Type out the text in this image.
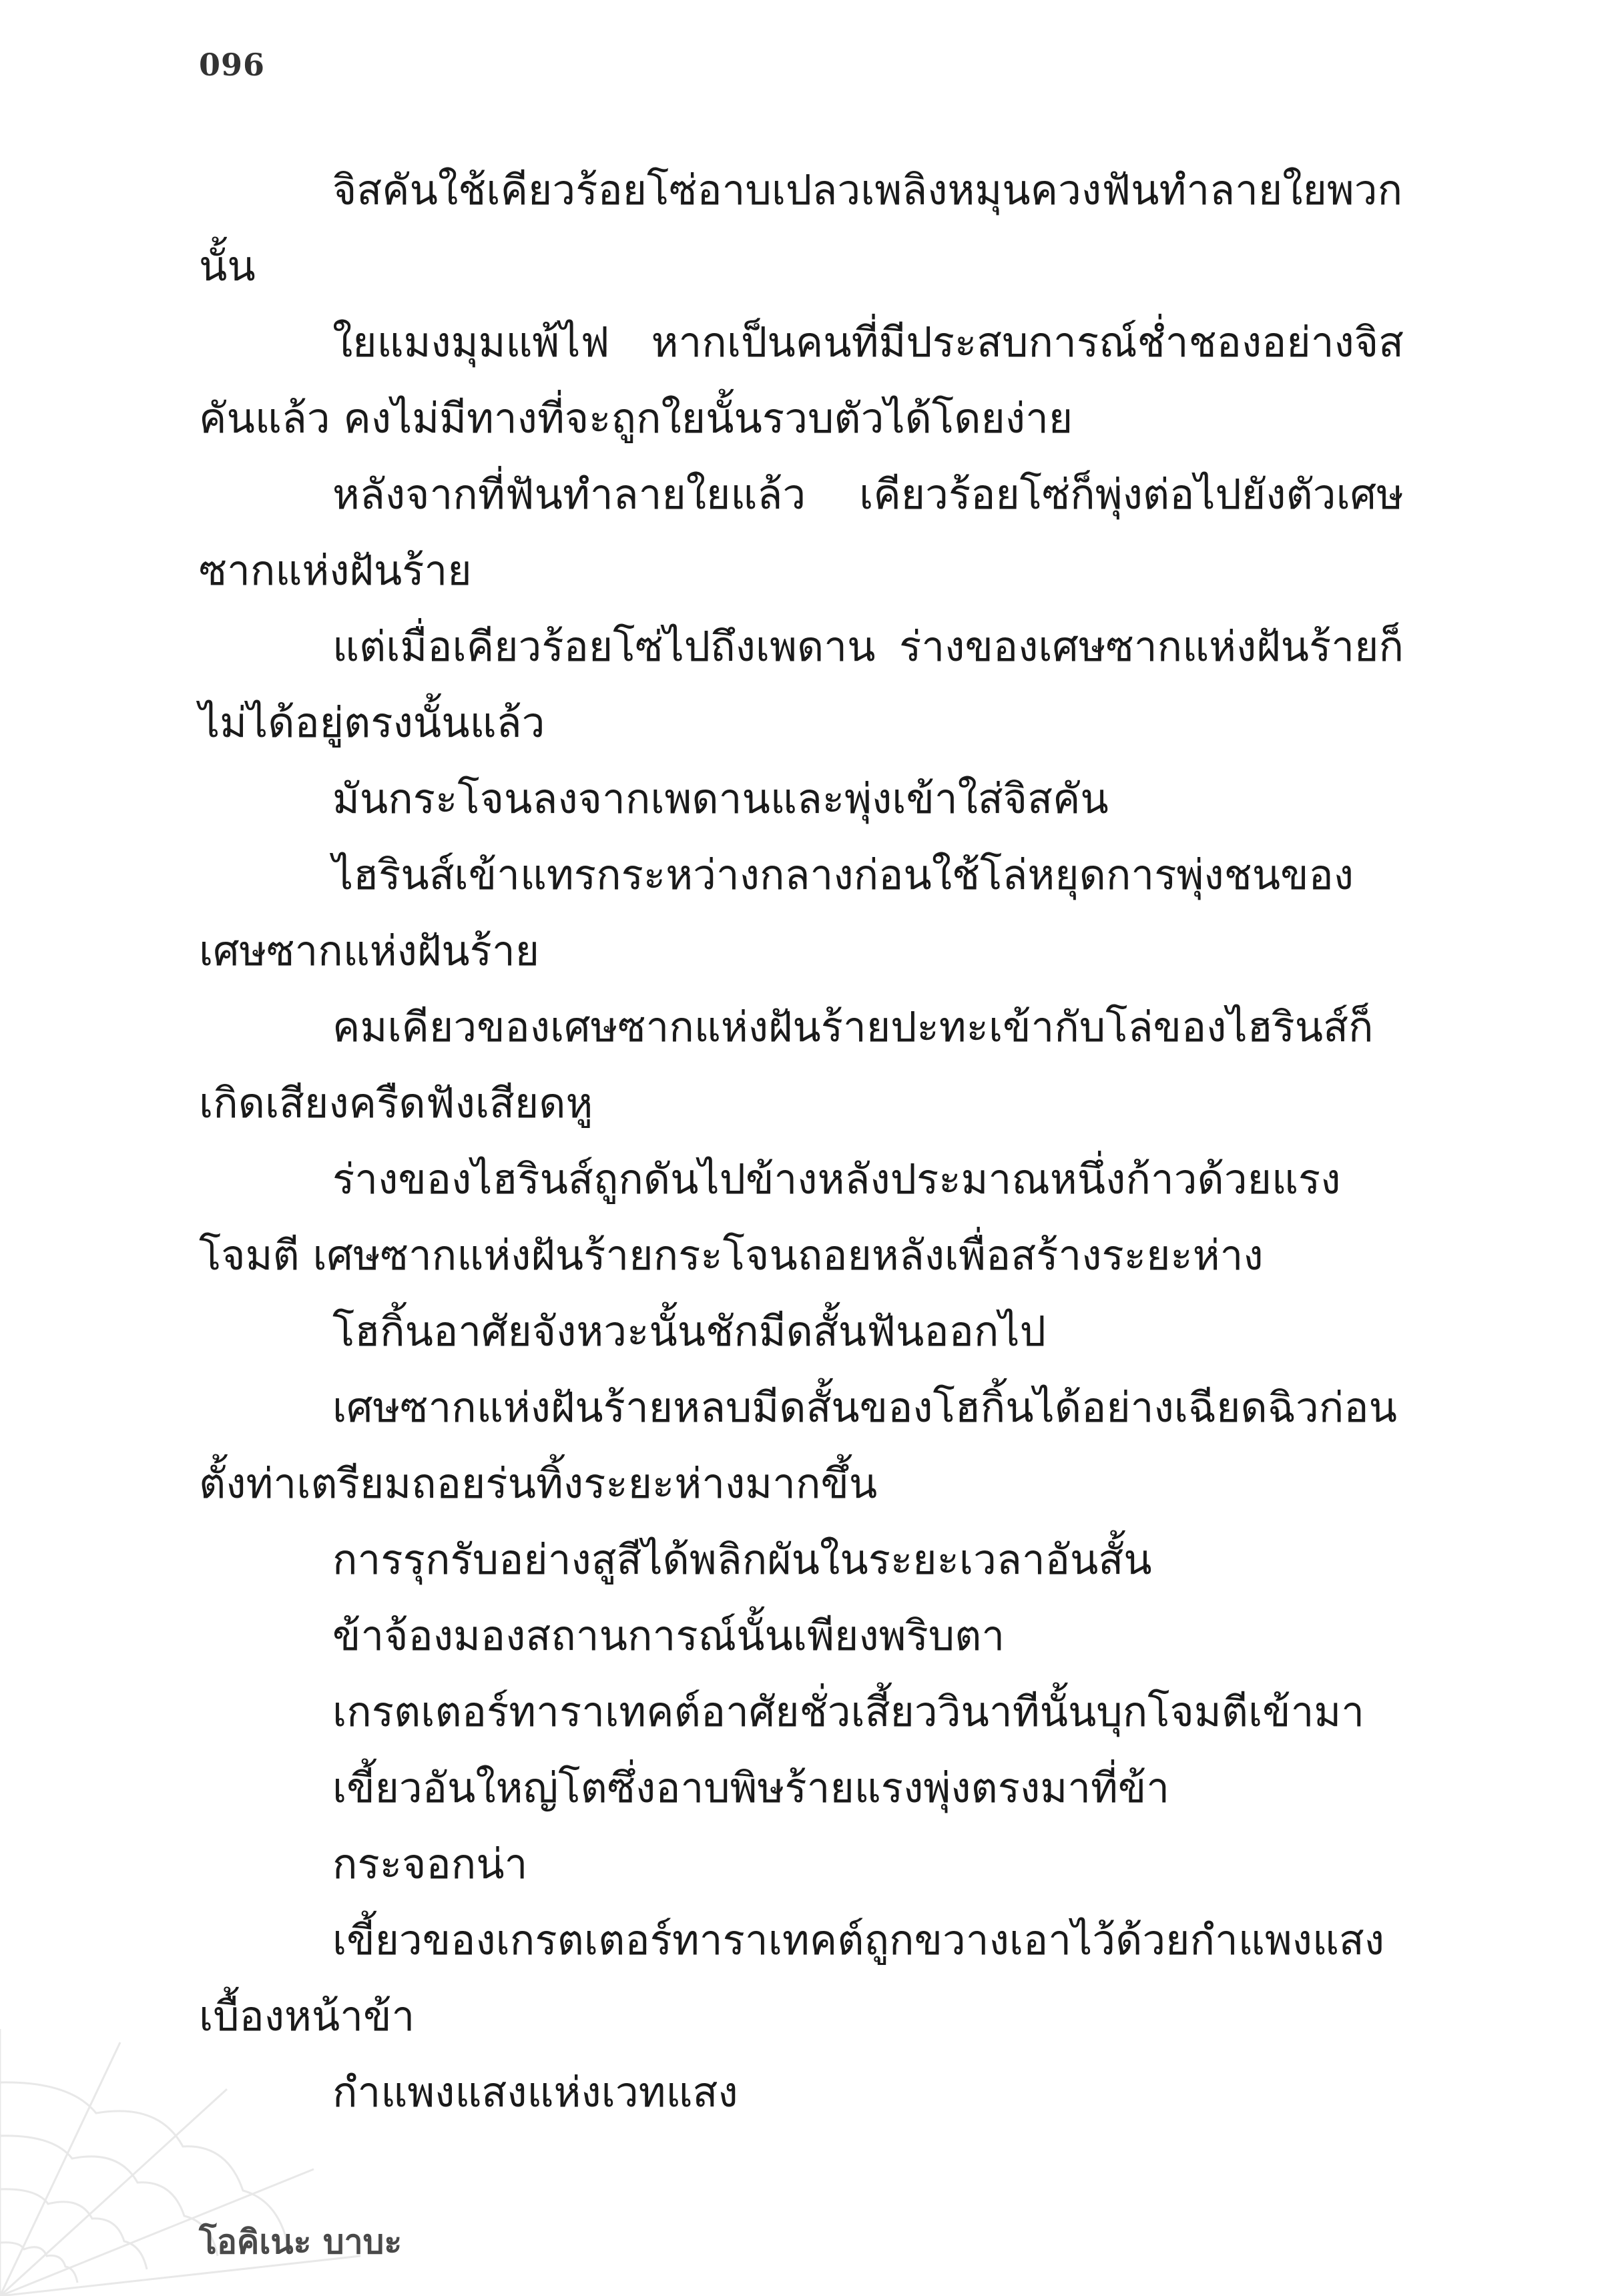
096

จิสคันใช้เคียวร้อยโซ่อาบเปลวเพลิงหมุนควงฟันทำลายใยพวกนั้น

ใยแมงมุมแพ้ไฟ หากเป็นคนที่มีประสบการณ์ช่ำชองอย่างจิสคันแล้ว คงไม่มีทางที่จะถูกใยนั้นรวบตัวได้โดยง่าย

หลังจากที่ฟันทำลายใยแล้ว เคียวร้อยโซ่ก็พุ่งต่อไปยังตัวเศษซากแห่งฝันร้าย

แต่เมื่อเคียวร้อยโซ่ไปถึงเพดาน ร่างของเศษซากแห่งฝันร้ายก็ไม่ได้อยู่ตรงนั้นแล้ว

มันกระโจนลงจากเพดานและพุ่งเข้าใส่จิสคัน

ไฮรินส์เข้าแทรกระหว่างกลางก่อนใช้โล่หยุดการพุ่งชนของเศษซากแห่งฝันร้าย

คมเคียวของเศษซากแห่งฝันร้ายปะทะเข้ากับโล่ของไฮรินส์ก็เกิดเสียงครืดฟังเสียดหู

ร่างของไฮรินส์ถูกดันไปข้างหลังประมาณหนึ่งก้าวด้วยแรงโจมตี เศษซากแห่งฝันร้ายกระโจนถอยหลังเพื่อสร้างระยะห่าง

โฮกิ้นอาศัยจังหวะนั้นชักมีดสั้นฟันออกไป

เศษซากแห่งฝันร้ายหลบมีดสั้นของโฮกิ้นได้อย่างเฉียดฉิวก่อนตั้งท่าเตรียมถอยร่นทิ้งระยะห่างมากขึ้น

การรุกรับอย่างสูสีได้พลิกผันในระยะเวลาอันสั้น

ข้าจ้องมองสถานการณ์นั้นเพียงพริบตา

เกรตเตอร์ทาราเทคต์อาศัยชั่วเสี้ยววินาทีนั้นบุกโจมตีเข้ามา

เขี้ยวอันใหญ่โตซึ่งอาบพิษร้ายแรงพุ่งตรงมาที่ข้า

กระจอกน่า

เขี้ยวของเกรตเตอร์ทาราเทคต์ถูกขวางเอาไว้ด้วยกำแพงแสงเบื้องหน้าข้า

กำแพงแสงแห่งเวทแสง

โอคิเนะ บาบะ
